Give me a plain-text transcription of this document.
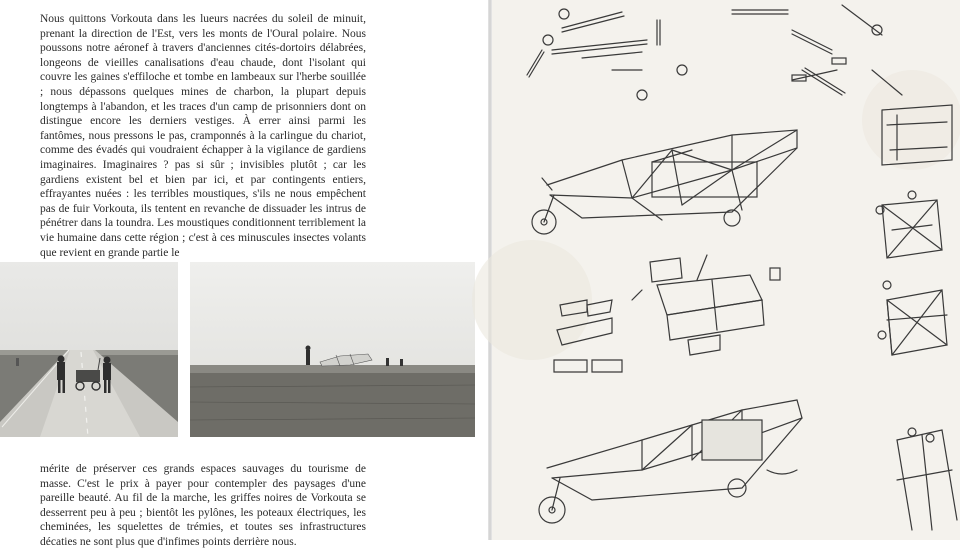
Nous quittons Vorkouta dans les lueurs nacrées du soleil de minuit, prenant la direction de l'Est, vers les monts de l'Oural polaire. Nous poussons notre aéronef à travers d'anciennes cités-dortoirs délabrées, longeons de vieilles canalisations d'eau chaude, dont l'isolant qui couvre les gaines s'effiloche et tombe en lambeaux sur l'herbe souillée ; nous dépassons quelques mines de charbon, la plupart depuis longtemps à l'abandon, et les traces d'un camp de prisonniers dont on distingue encore les derniers vestiges. À errer ainsi parmi les fantômes, nous pressons le pas, cramponnés à la carlingue du chariot, comme des évadés qui voudraient échapper à la vigilance de gardiens imaginaires. Imaginaires ? pas si sûr ; invisibles plutôt ; car les gardiens existent bel et bien par ici, et par contingents entiers, effrayantes nuées : les terribles moustiques, s'ils ne nous empêchent pas de fuir Vorkouta, ils tentent en revanche de dissuader les intrus de pénétrer dans la toundra. Les moustiques conditionnent terriblement la vie humaine dans cette région ; c'est à ces minuscules insectes volants que revient en grande partie le

mérite de préserver ces grands espaces sauvages du tourisme de masse. C'est le prix à payer pour contempler des paysages d'une pareille beauté. Au fil de la marche, les griffes noires de Vorkouta se desserrent peu à peu ; bientôt les pylônes, les poteaux électriques, les cheminées, les squelettes de trémies, et toutes ses infrastructures décaties ne sont plus que d'infimes points derrière nous.
